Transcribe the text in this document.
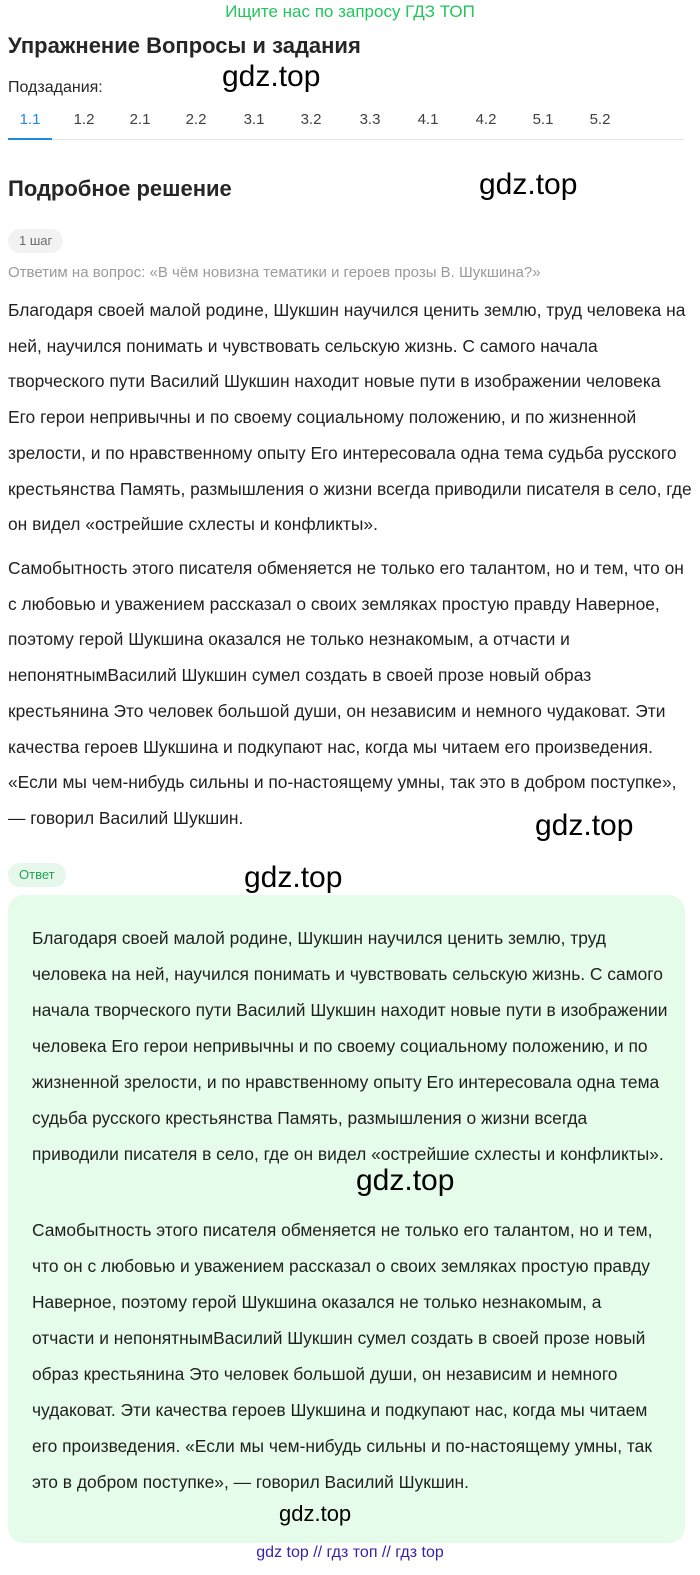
Ищите нас по запросу ГДЗ ТОП
Упражнение Вопросы и задания
Подзадания:
1.1	1.2	2.1	2.2	3.1	3.2	3.3	4.1	4.2	5.1	5.2
Подробное решение
1 шаг
Ответим на вопрос: «В чём новизна тематики и героев прозы В. Шукшина?»

Благодаря своей малой родине, Шукшин научился ценить землю, труд человека на ней, научился понимать и чувствовать сельскую жизнь. С самого начала творческого пути Василий Шукшин находит новые пути в изображении человека Его герои непривычны и по своему социальному положению, и по жизненной зрелости, и по нравственному опыту Его интересовала одна тема судьба русского крестьянства Память, размышления о жизни всегда приводили писателя в село, где он видел «острейшие схлесты и конфликты».

Самобытность этого писателя обменяется не только его талантом, но и тем, что он с любовью и уважением рассказал о своих земляках простую правду Наверное, поэтому герой Шукшина оказался не только незнакомым, а отчасти и непонятнымВасилий Шукшин сумел создать в своей прозе новый образ крестьянина Это человек большой души, он независим и немного чудаковат. Эти качества героев Шукшина и подкупают нас, когда мы читаем его произведения. «Если мы чем-нибудь сильны и по-настоящему умны, так это в добром поступке», — говорил Василий Шукшин.

Ответ

Благодаря своей малой родине, Шукшин научился ценить землю, труд человека на ней, научился понимать и чувствовать сельскую жизнь. С самого начала творческого пути Василий Шукшин находит новые пути в изображении человека Его герои непривычны и по своему социальному положению, и по жизненной зрелости, и по нравственному опыту Его интересовала одна тема судьба русского крестьянства Память, размышления о жизни всегда приводили писателя в село, где он видел «острейшие схлесты и конфликты».

Самобытность этого писателя обменяется не только его талантом, но и тем, что он с любовью и уважением рассказал о своих земляках простую правду Наверное, поэтому герой Шукшина оказался не только незнакомым, а отчасти и непонятнымВасилий Шукшин сумел создать в своей прозе новый образ крестьянина Это человек большой души, он независим и немного чудаковат. Эти качества героев Шукшина и подкупают нас, когда мы читаем его произведения. «Если мы чем-нибудь сильны и по-настоящему умны, так это в добром поступке», — говорил Василий Шукшин.

gdz.top
gdz.top
gdz.top
gdz.top
gdz.top
gdz.top
gdz top // гдз топ // гдз top
